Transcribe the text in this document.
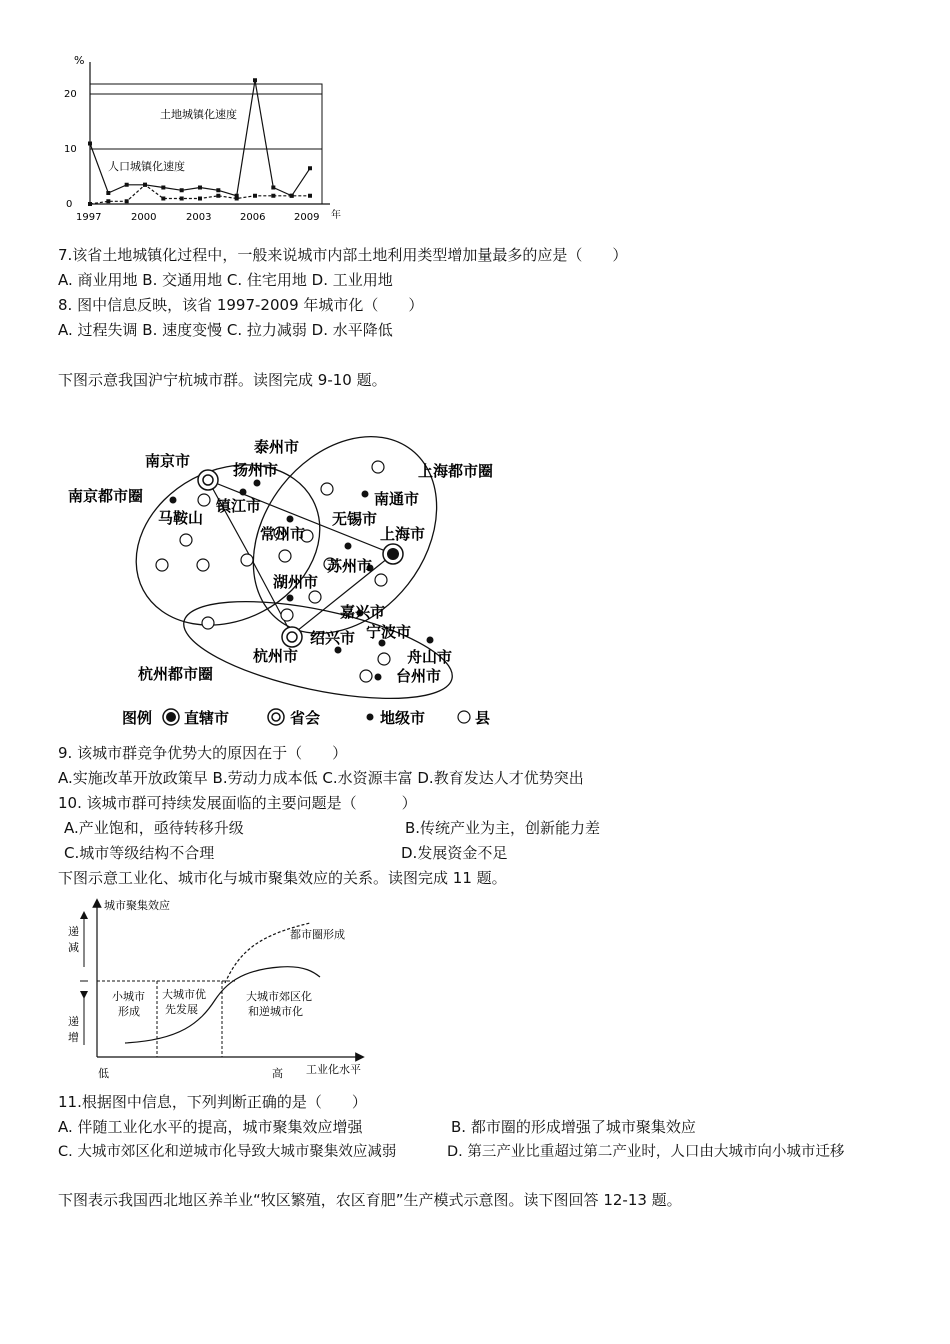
%
0
10
20
1997	2000	2003	2006	2009 年
土地城镇化速度
人口城镇化速度
7.该省土地城镇化过程中，一般来说城市内部土地利用类型增加量最多的应是（　　）
A. 商业用地 B. 交通用地 C. 住宅用地 D. 工业用地
8. 图中信息反映，该省 1997-2009 年城市化（　　）
A. 过程失调 B. 速度变慢 C. 拉力减弱 D. 水平降低
下图示意我国沪宁杭城市群。读图完成 9-10 题。
南京市
泰州市
扬州市
镇江市
南京都市圈
马鞍山
常州市
无锡市
南通市
上海都市圈
上海市
苏州市
湖州市
嘉兴市
宁波市
绍兴市
杭州市	舟山市
台州市
杭州都市圈
图例 直辖市	省会	地级市	县
9. 该城市群竞争优势大的原因在于（　　）
A.实施改革开放政策早 B.劳动力成本低 C.水资源丰富 D.教育发达人才优势突出
10. 该城市群可持续发展面临的主要问题是（　　　）
A.产业饱和，亟待转移升级	B.传统产业为主，创新能力差
C.城市等级结构不合理	D.发展资金不足
下图示意工业化、城市化与城市聚集效应的关系。读图完成 11 题。
城市聚集效应
工业化水平
低	高
递
减
递
增
都市圈形成
小城市
形成
大城市优
先发展
大城市郊区化
和逆城市化
小城市形成
11.根据图中信息，下列判断正确的是（　　）
A. 伴随工业化水平的提高，城市聚集效应增强	B. 都市圈的形成增强了城市聚集效应
C. 大城市郊区化和逆城市化导致大城市聚集效应减弱	D. 第三产业比重超过第二产业时，人口由大城市向小城市迁移
下图表示我国西北地区养羊业“牧区繁殖，农区育肥”生产模式示意图。读下图回答 12-13 题。
